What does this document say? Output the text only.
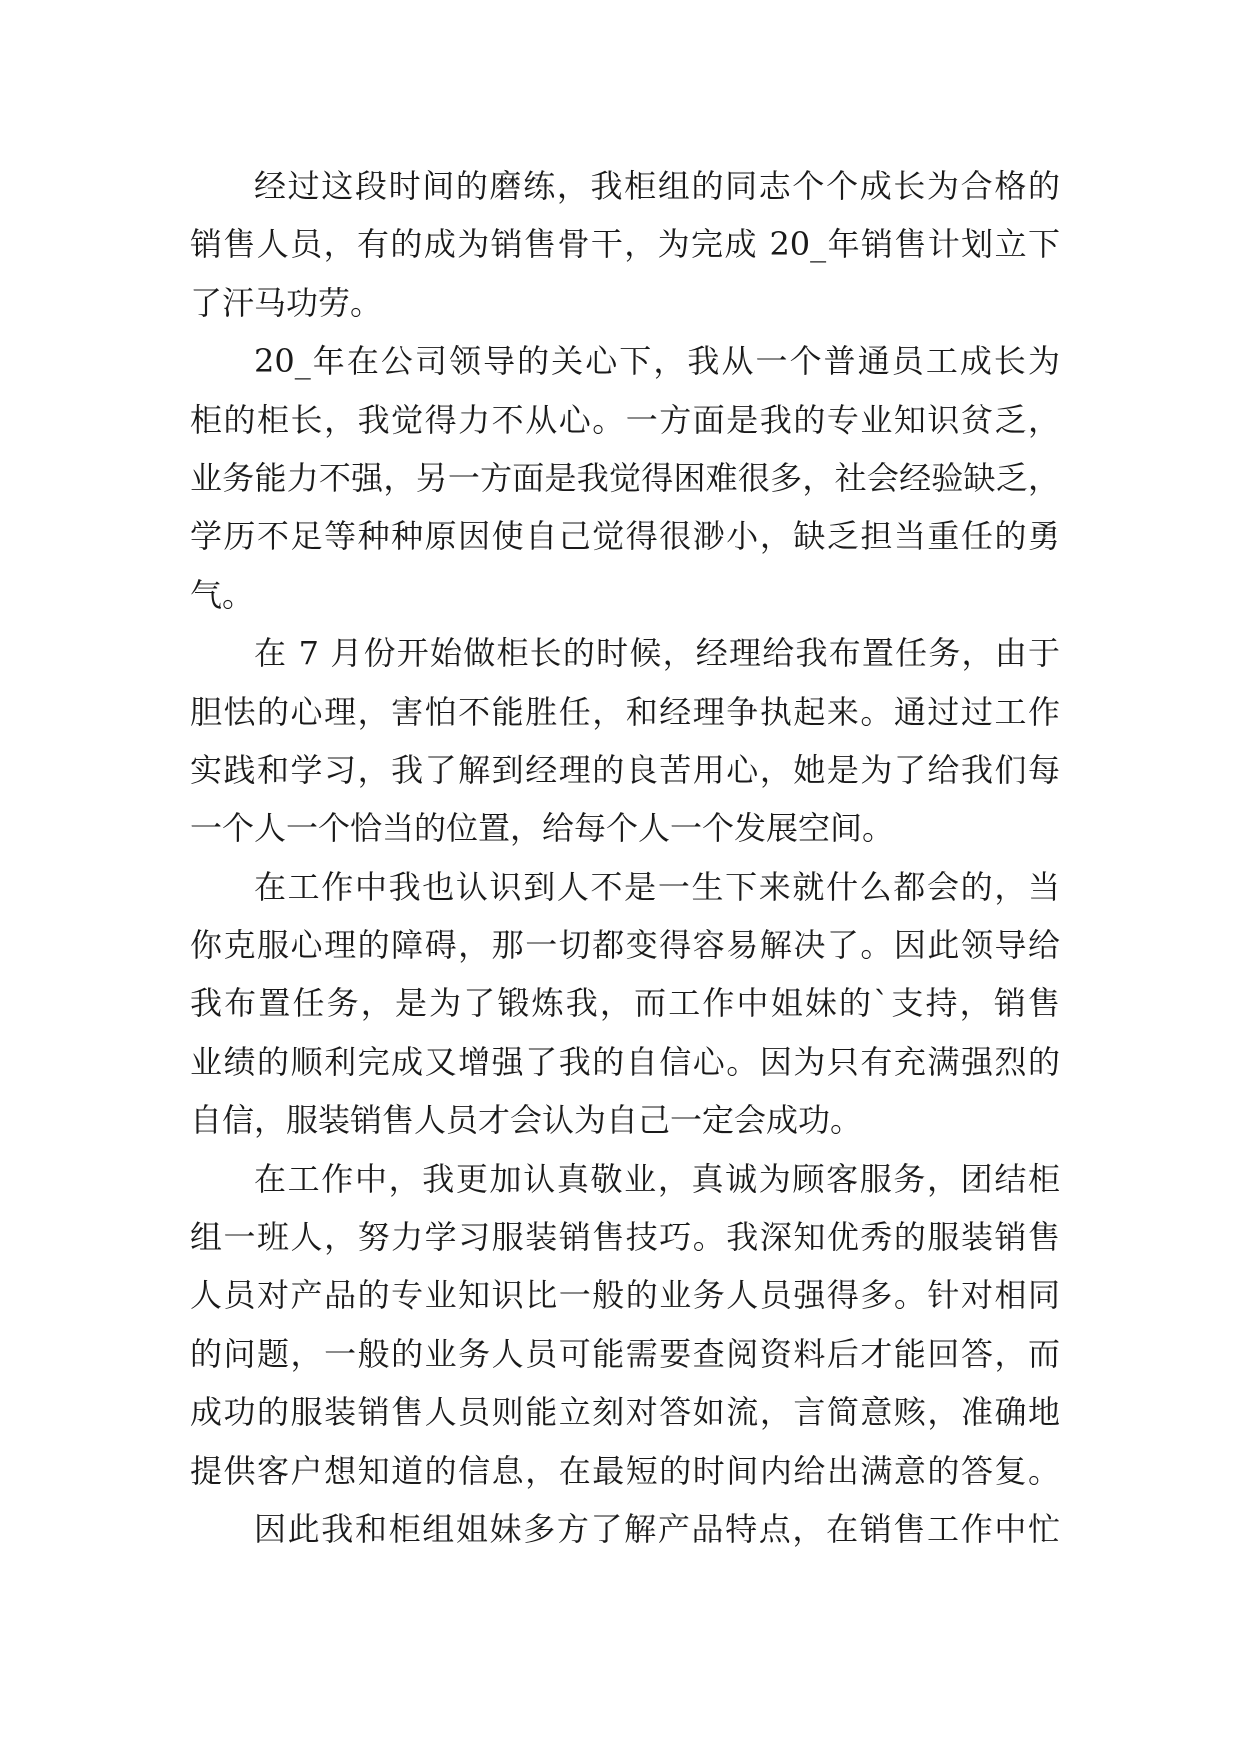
经过这段时间的磨练，我柜组的同志个个成长为合格的
销售人员，有的成为销售骨干，为完成 20_年销售计划立下
了汗马功劳。
20_年在公司领导的关心下，我从一个普通员工成长为
柜的柜长，我觉得力不从心。一方面是我的专业知识贫乏，
业务能力不强，另一方面是我觉得困难很多，社会经验缺乏，
学历不足等种种原因使自己觉得很渺小，缺乏担当重任的勇
气。
在 7 月份开始做柜长的时候，经理给我布置任务，由于
胆怯的心理，害怕不能胜任，和经理争执起来。通过过工作
实践和学习，我了解到经理的良苦用心，她是为了给我们每
一个人一个恰当的位置，给每个人一个发展空间。
在工作中我也认识到人不是一生下来就什么都会的，当
你克服心理的障碍，那一切都变得容易解决了。因此领导给
我布置任务，是为了锻炼我，而工作中姐妹的`支持，销售
业绩的顺利完成又增强了我的自信心。因为只有充满强烈的
自信，服装销售人员才会认为自己一定会成功。
在工作中，我更加认真敬业，真诚为顾客服务，团结柜
组一班人，努力学习服装销售技巧。我深知优秀的服装销售
人员对产品的专业知识比一般的业务人员强得多。针对相同
的问题，一般的业务人员可能需要查阅资料后才能回答，而
成功的服装销售人员则能立刻对答如流，言简意赅，准确地
提供客户想知道的信息，在最短的时间内给出满意的答复。
因此我和柜组姐妹多方了解产品特点，在销售工作中忙
